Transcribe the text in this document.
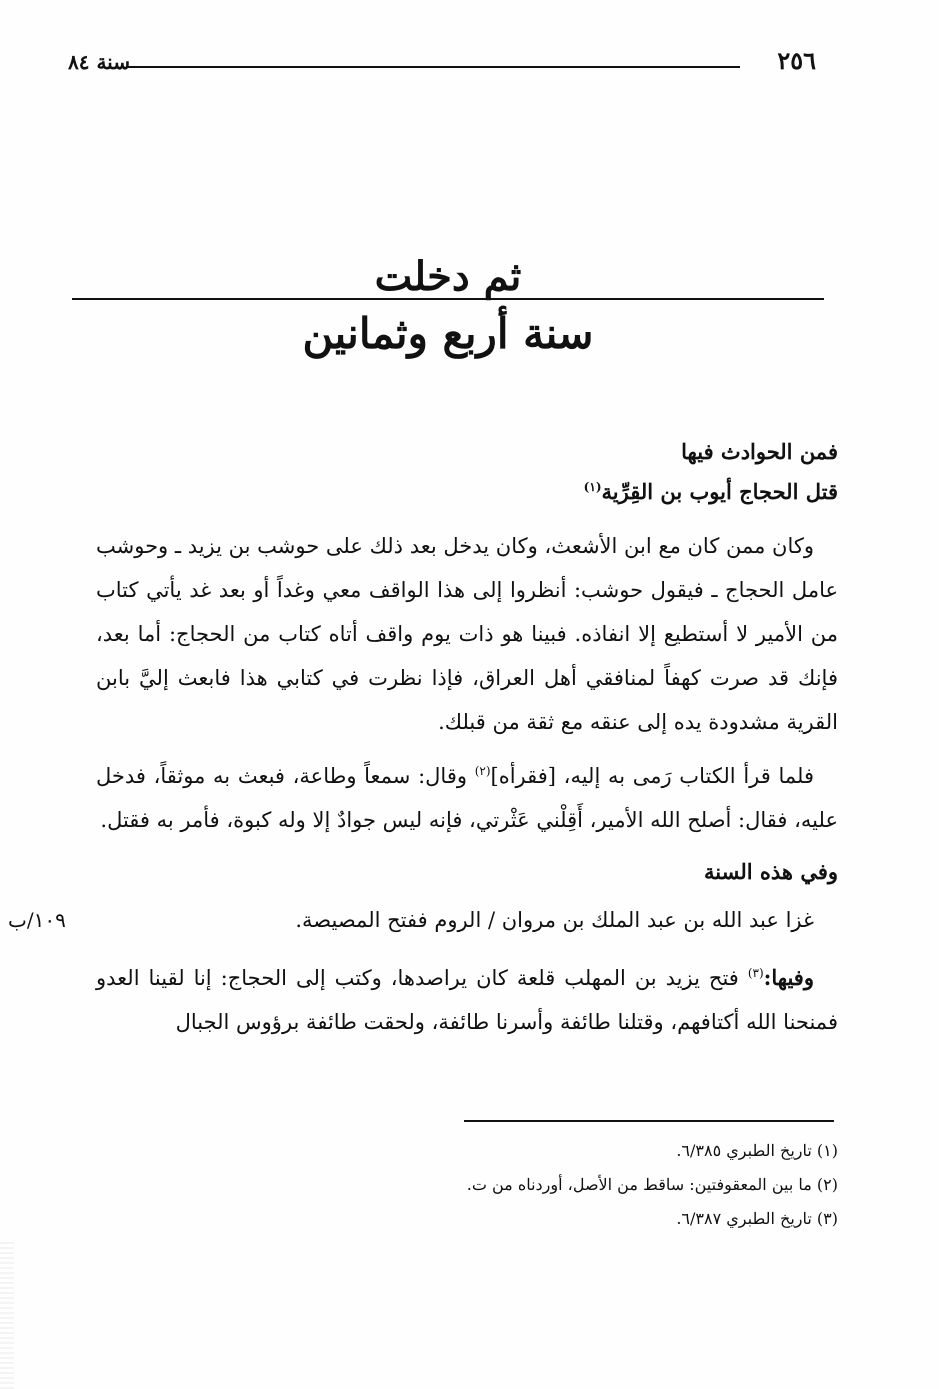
سنة ٨٤	٢٥٦
ثم دخلت
سنة أربع وثمانين

فمن الحوادث فيها

قتل الحجاج أيوب بن القِرِّية$^{(١)}$

وكان ممن كان مع ابن الأشعث، وكان يدخل بعد ذلك على حوشب بن يزيد ـ وحوشب عامل الحجاج ـ فيقول حوشب: أنظروا إلى هذا الواقف معي وغداً أو بعد غد يأتي كتاب من الأمير لا أستطيع إلا انفاذه. فبينا هو ذات يوم واقف أتاه كتاب من الحجاج: أما بعد، فإنك قد صرت كهفاً لمنافقي أهل العراق، فإذا نظرت في كتابي هذا فابعث إليَّ بابن القرية مشدودة يده إلى عنقه مع ثقة من قبلك.

فلما قرأ الكتاب رَمى به إليه، [فقرأه]$^{(٢)}$ وقال: سمعاً وطاعة، فبعث به موثقاً، فدخل عليه، فقال: أصلح الله الأمير، أَقِلْني عَثْرتي، فإنه ليس جوادٌ إلا وله كبوة، فأمر به فقتل.

وفي هذه السنة

١٠٩/ب	غزا عبد الله بن عبد الملك بن مروان / الروم ففتح المصيصة.

وفيها:$^{(٣)}$ فتح يزيد بن المهلب قلعة كان يراصدها، وكتب إلى الحجاج: إنا لقينا العدو فمنحنا الله أكتافهم، وقتلنا طائفة وأسرنا طائفة، ولحقت طائفة برؤوس الجبال

(١) تاريخ الطبري ٦/٣٨٥.
(٢) ما بين المعقوفتين: ساقط من الأصل، أوردناه من ت.
(٣) تاريخ الطبري ٦/٣٨٧.
